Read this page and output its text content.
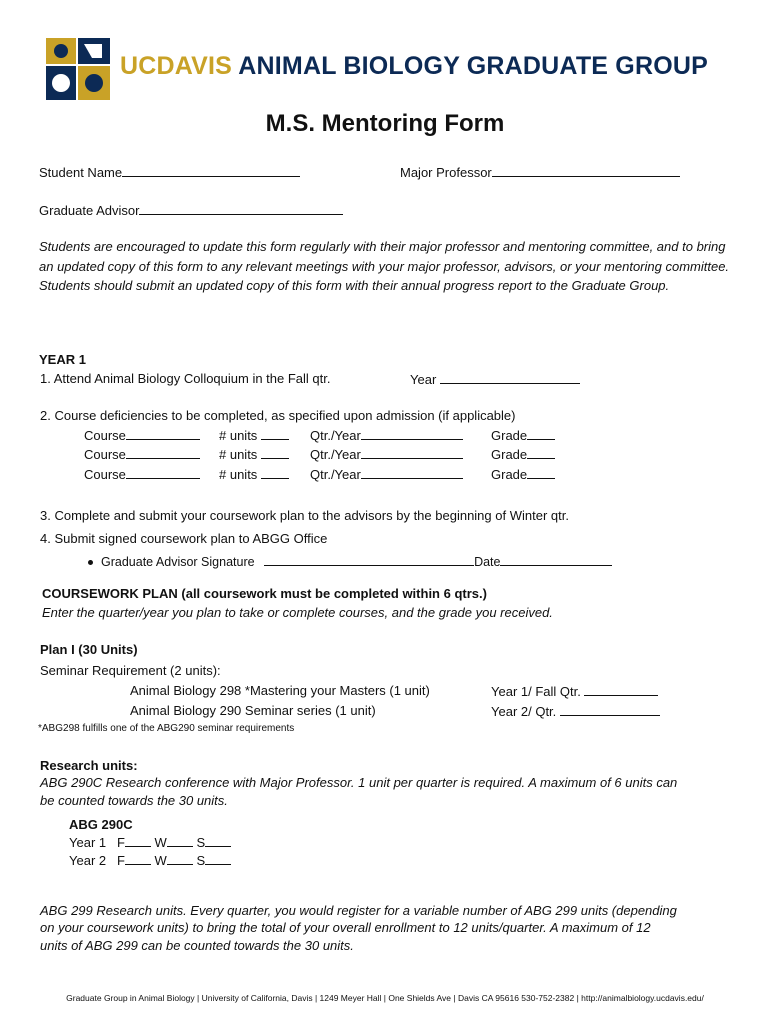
UCDAVIS ANIMAL BIOLOGY GRADUATE GROUP
M.S. Mentoring Form
Student Name	Major Professor
Graduate Advisor
Students are encouraged to update this form regularly with their major professor and mentoring committee, and to bring an updated copy of this form to any relevant meetings with your major professor, advisors, or your mentoring committee. Students should submit an updated copy of this form with their annual progress report to the Graduate Group.
YEAR 1
1. Attend Animal Biology Colloquium in the Fall qtr.	Year
2. Course deficiencies to be completed, as specified upon admission (if applicable)
Course	# units	Qtr./Year	Grade
Course	# units	Qtr./Year	Grade
Course	# units	Qtr./Year	Grade
3. Complete and submit your coursework plan to the advisors by the beginning of Winter qtr.
4. Submit signed coursework plan to ABGG Office
Graduate Advisor Signature	Date
COURSEWORK PLAN (all coursework must be completed within 6 qtrs.)
Enter the quarter/year you plan to take or complete courses, and the grade you received.
Plan I (30 Units)
Seminar Requirement (2 units):
Animal Biology 298 *Mastering your Masters (1 unit)	Year 1/ Fall Qtr.
Animal Biology 290 Seminar series (1 unit)	Year 2/ Qtr.
*ABG298 fulfills one of the ABG290 seminar requirements
Research units:
ABG 290C Research conference with Major Professor. 1 unit per quarter is required. A maximum of 6 units can
be counted towards the 30 units.
ABG 290C
Year 1 F W S
Year 2 F W S
ABG 299 Research units. Every quarter, you would register for a variable number of ABG 299 units (depending
on your coursework units) to bring the total of your overall enrollment to 12 units/quarter. A maximum of 12
units of ABG 299 can be counted towards the 30 units.
Graduate Group in Animal Biology | University of California, Davis | 1249 Meyer Hall | One Shields Ave | Davis CA 95616 530-752-2382 | http://animalbiology.ucdavis.edu/
